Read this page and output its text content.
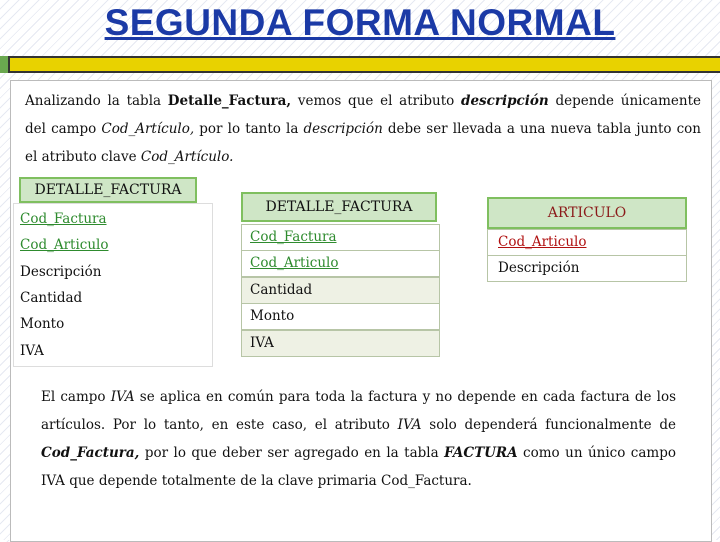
SEGUNDA FORMA NORMAL
Analizando la tabla Detalle_Factura, vemos que el atributo descripción depende únicamente del campo Cod_Artículo, por lo tanto la descripción debe ser llevada a una nueva tabla junto con el atributo clave Cod_Artículo.
DETALLE_FACTURA
Cod_Factura
Cod_Articulo
Descripción
Cantidad
Monto
IVA
DETALLE_FACTURA
Cod_Factura
Cod_Articulo
Cantidad
Monto
IVA
ARTICULO
Cod_Articulo
Descripción
El campo IVA se aplica en común para toda la factura y no depende en cada factura de los artículos. Por lo tanto, en este caso, el atributo IVA solo dependerá funcionalmente de Cod_Factura, por lo que deber ser agregado en la tabla FACTURA como un único campo IVA que depende totalmente de la clave primaria Cod_Factura.
